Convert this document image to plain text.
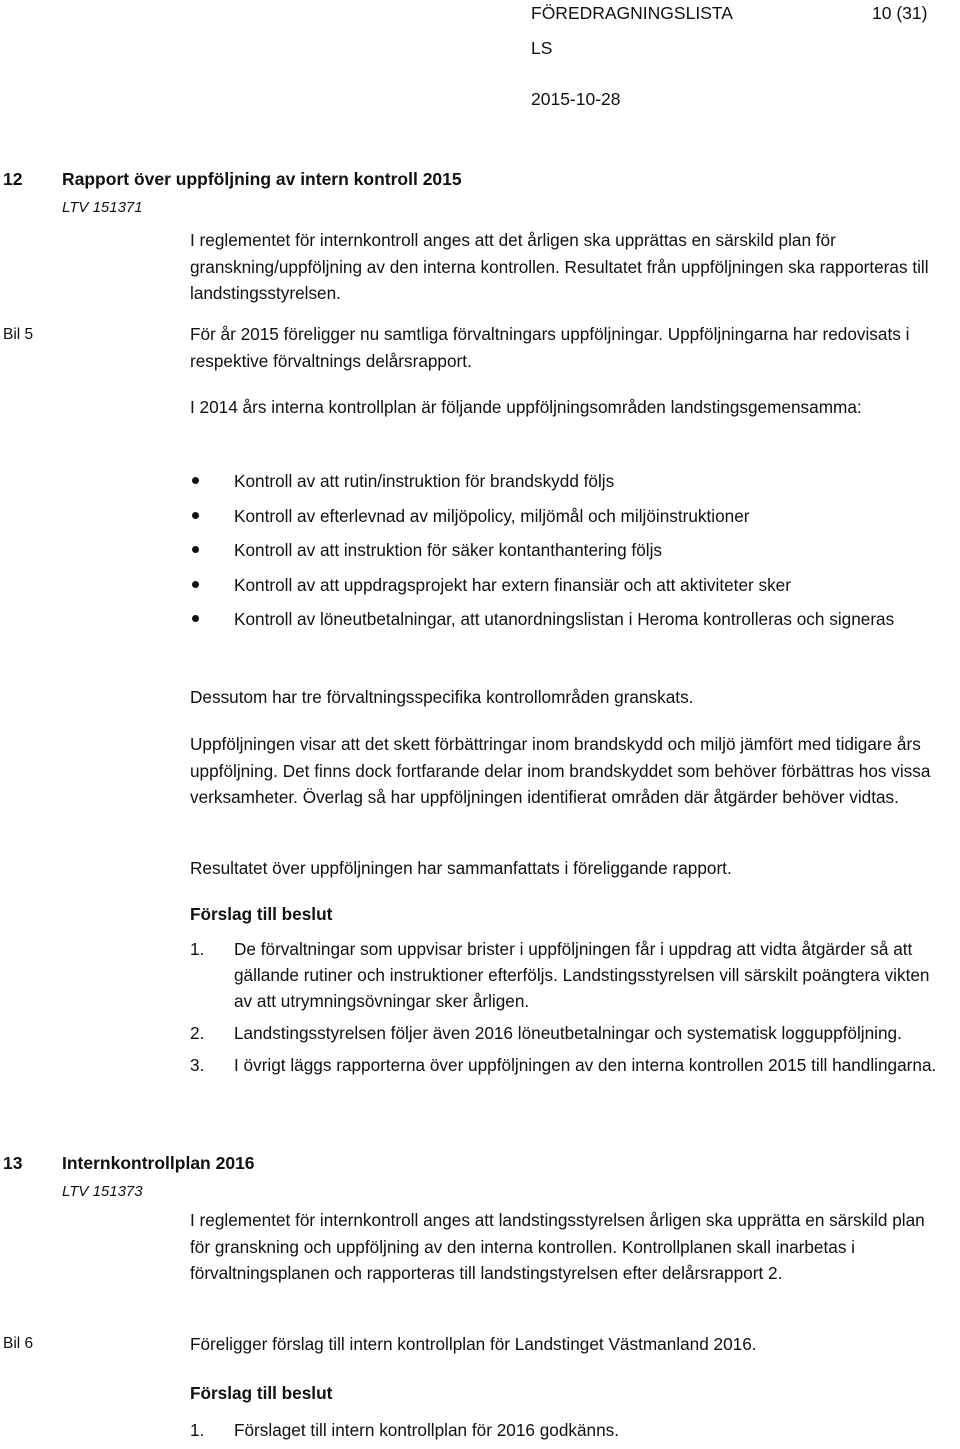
FÖREDRAGNINGSLISTA	10 (31)
LS
2015-10-28
12 Rapport över uppföljning av intern kontroll 2015
LTV 151371

I reglementet för internkontroll anges att det årligen ska upprättas en särskild plan för granskning/uppföljning av den interna kontrollen. Resultatet från uppföljningen ska rapporteras till landstingsstyrelsen.

Bil 5	För år 2015 föreligger nu samtliga förvaltningars uppföljningar. Uppföljningarna har redovisats i respektive förvaltnings delårsrapport.

I 2014 års interna kontrollplan är följande uppföljningsområden landstingsgemensamma:

Kontroll av att rutin/instruktion för brandskydd följs
Kontroll av efterlevnad av miljöpolicy, miljömål och miljöinstruktioner
Kontroll av att instruktion för säker kontanthantering följs
Kontroll av att uppdragsprojekt har extern finansiär och att aktiviteter sker
Kontroll av löneutbetalningar, att utanordningslistan i Heroma kontrolleras och signeras

Dessutom har tre förvaltningsspecifika kontrollområden granskats.

Uppföljningen visar att det skett förbättringar inom brandskydd och miljö jämfört med tidigare års uppföljning. Det finns dock fortfarande delar inom brandskyddet som behöver förbättras hos vissa verksamheter. Överlag så har uppföljningen identifierat områden där åtgärder behöver vidtas.

Resultatet över uppföljningen har sammanfattats i föreliggande rapport.

Förslag till beslut
1. De förvaltningar som uppvisar brister i uppföljningen får i uppdrag att vidta åtgärder så att gällande rutiner och instruktioner efterföljs. Landstingsstyrelsen vill särskilt poängtera vikten av att utrymningsövningar sker årligen.
2. Landstingsstyrelsen följer även 2016 löneutbetalningar och systematisk logguppföljning.
3. I övrigt läggs rapporterna över uppföljningen av den interna kontrollen 2015 till handlingarna.
13 Internkontrollplan 2016
LTV 151373

I reglementet för internkontroll anges att landstingsstyrelsen årligen ska upprätta en särskild plan för granskning och uppföljning av den interna kontrollen. Kontrollplanen skall inarbetas i förvaltningsplanen och rapporteras till landstingstyrelsen efter delårsrapport 2.

Bil 6	Föreligger förslag till intern kontrollplan för Landstinget Västmanland 2016.

Förslag till beslut
1. Förslaget till intern kontrollplan för 2016 godkänns.
